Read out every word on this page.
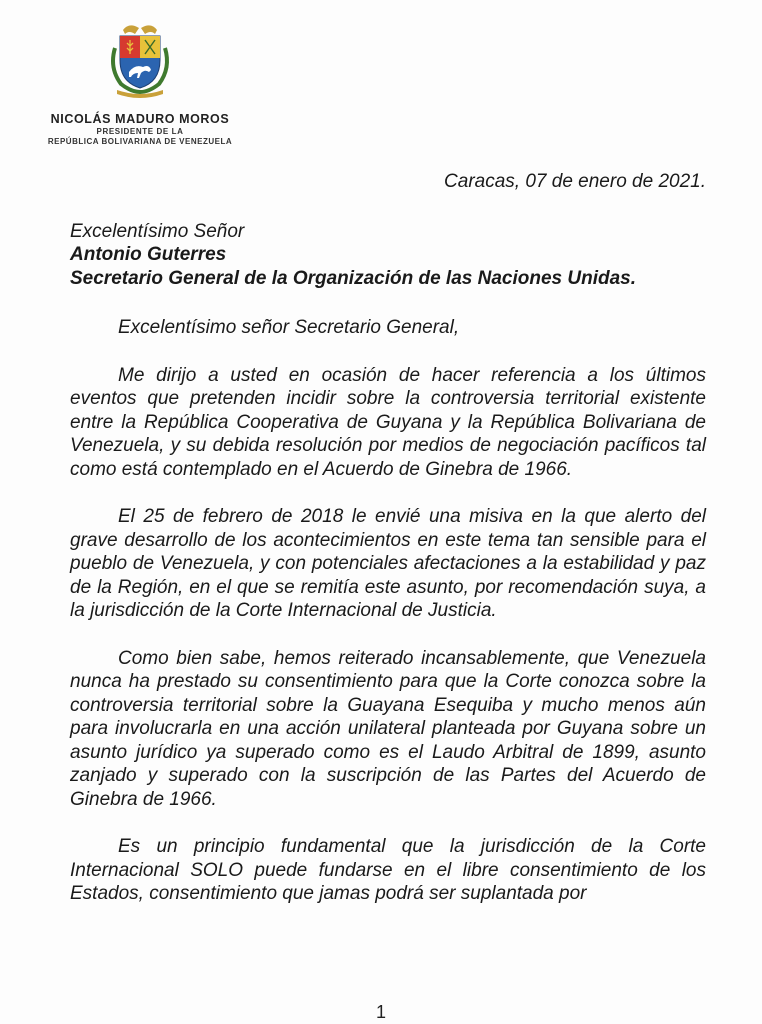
NICOLÁS MADURO MOROS
PRESIDENTE DE LA
REPÚBLICA BOLIVARIANA DE VENEZUELA

Caracas, 07 de enero de 2021.

Excelentísimo Señor
Antonio Guterres
Secretario General de la Organización de las Naciones Unidas.

Excelentísimo señor Secretario General,

Me dirijo a usted en ocasión de hacer referencia a los últimos eventos que pretenden incidir sobre la controversia territorial existente entre la República Cooperativa de Guyana y la República Bolivariana de Venezuela, y su debida resolución por medios de negociación pacíficos tal como está contemplado en el Acuerdo de Ginebra de 1966.

El 25 de febrero de 2018 le envié una misiva en la que alerto del grave desarrollo de los acontecimientos en este tema tan sensible para el pueblo de Venezuela, y con potenciales afectaciones a la estabilidad y paz de la Región, en el que se remitía este asunto, por recomendación suya, a la jurisdicción de la Corte Internacional de Justicia.

Como bien sabe, hemos reiterado incansablemente, que Venezuela nunca ha prestado su consentimiento para que la Corte conozca sobre la controversia territorial sobre la Guayana Esequiba y mucho menos aún para involucrarla en una acción unilateral planteada por Guyana sobre un asunto jurídico ya superado como es el Laudo Arbitral de 1899, asunto zanjado y superado con la suscripción de las Partes del Acuerdo de Ginebra de 1966.

Es un principio fundamental que la jurisdicción de la Corte Internacional SOLO puede fundarse en el libre consentimiento de los Estados, consentimiento que jamas podrá ser suplantada por

1
